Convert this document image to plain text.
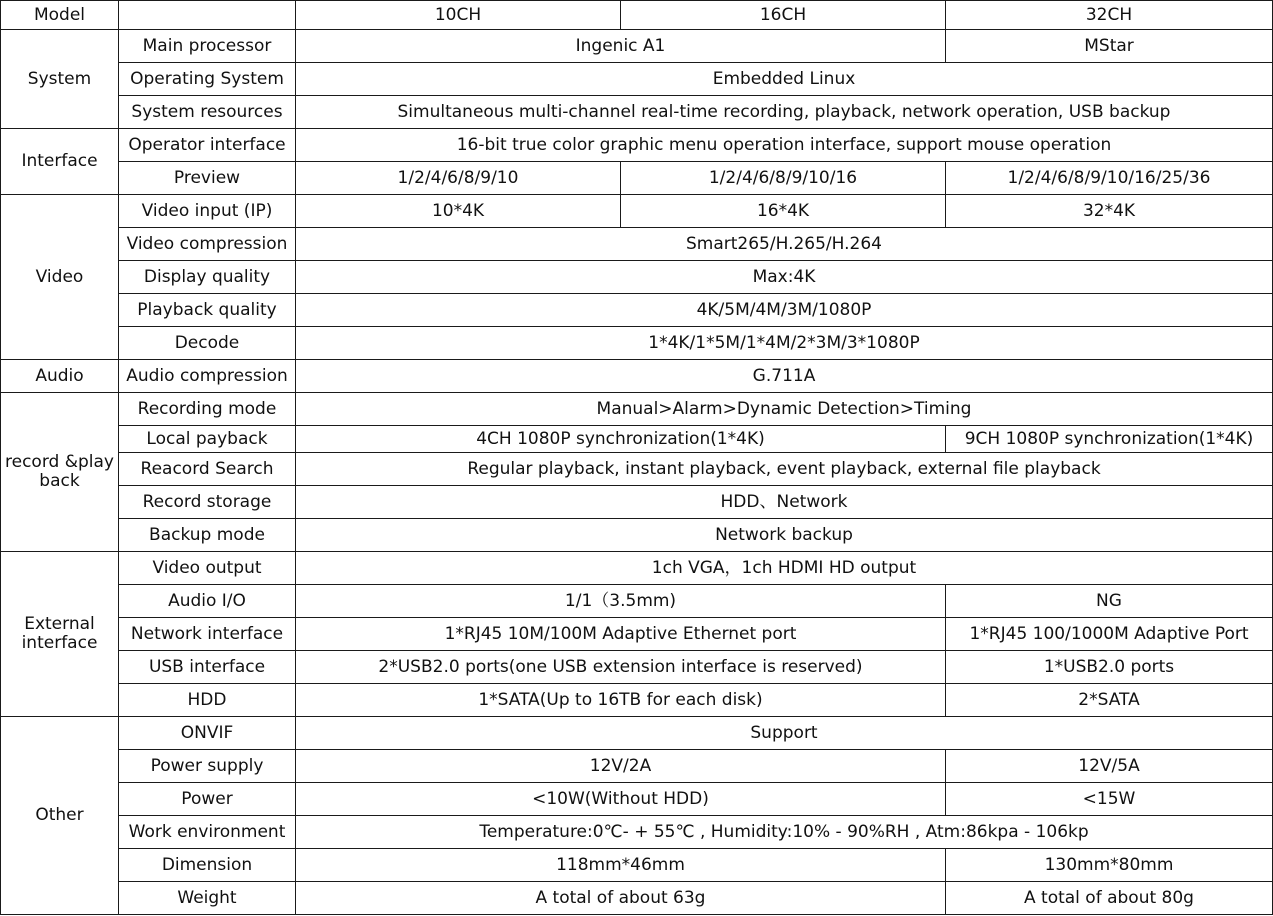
Model		10CH	16CH	32CH
System	Main processor	Ingenic A1		MStar
	Operating System	Embedded Linux		
	System resources	Simultaneous multi-channel real-time recording, playback, network operation, USB backup		
Interface	Operator interface	16-bit true color graphic menu operation interface, support mouse operation		
	Preview	1/2/4/6/8/9/10	1/2/4/6/8/9/10/16	1/2/4/6/8/9/10/16/25/36
Video	Video input (IP)	10*4K	16*4K	32*4K
	Video compression	Smart265/H.265/H.264		
	Display quality	Max:4K		
	Playback quality	4K/5M/4M/3M/1080P		
	Decode	1*4K/1*5M/1*4M/2*3M/3*1080P		
Audio	Audio compression	G.711A		
record &play back	Recording mode	Manual>Alarm>Dynamic Detection>Timing		
	Local payback	4CH 1080P synchronization(1*4K)		9CH 1080P synchronization(1*4K)
	Reacord Search	Regular playback, instant playback, event playback, external file playback		
	Record storage	HDD、Network		
	Backup mode	Network backup		
External interface	Video output	1ch VGA，1ch HDMI HD output		
	Audio I/O	1/1（3.5mm)		NG
	Network interface	1*RJ45 10M/100M Adaptive Ethernet port		1*RJ45 100/1000M Adaptive Port
	USB interface	2*USB2.0 ports(one USB extension interface is reserved)		1*USB2.0 ports
	HDD	1*SATA(Up to 16TB for each disk)		2*SATA
Other	ONVIF	Support		
	Power supply	12V/2A		12V/5A
	Power	<10W(Without HDD)		<15W
	Work environment	Temperature:0℃- + 55℃ , Humidity:10% - 90%RH , Atm:86kpa - 106kp		
	Dimension	118mm*46mm		130mm*80mm
	Weight	A total of about 63g		A total of about 80g
